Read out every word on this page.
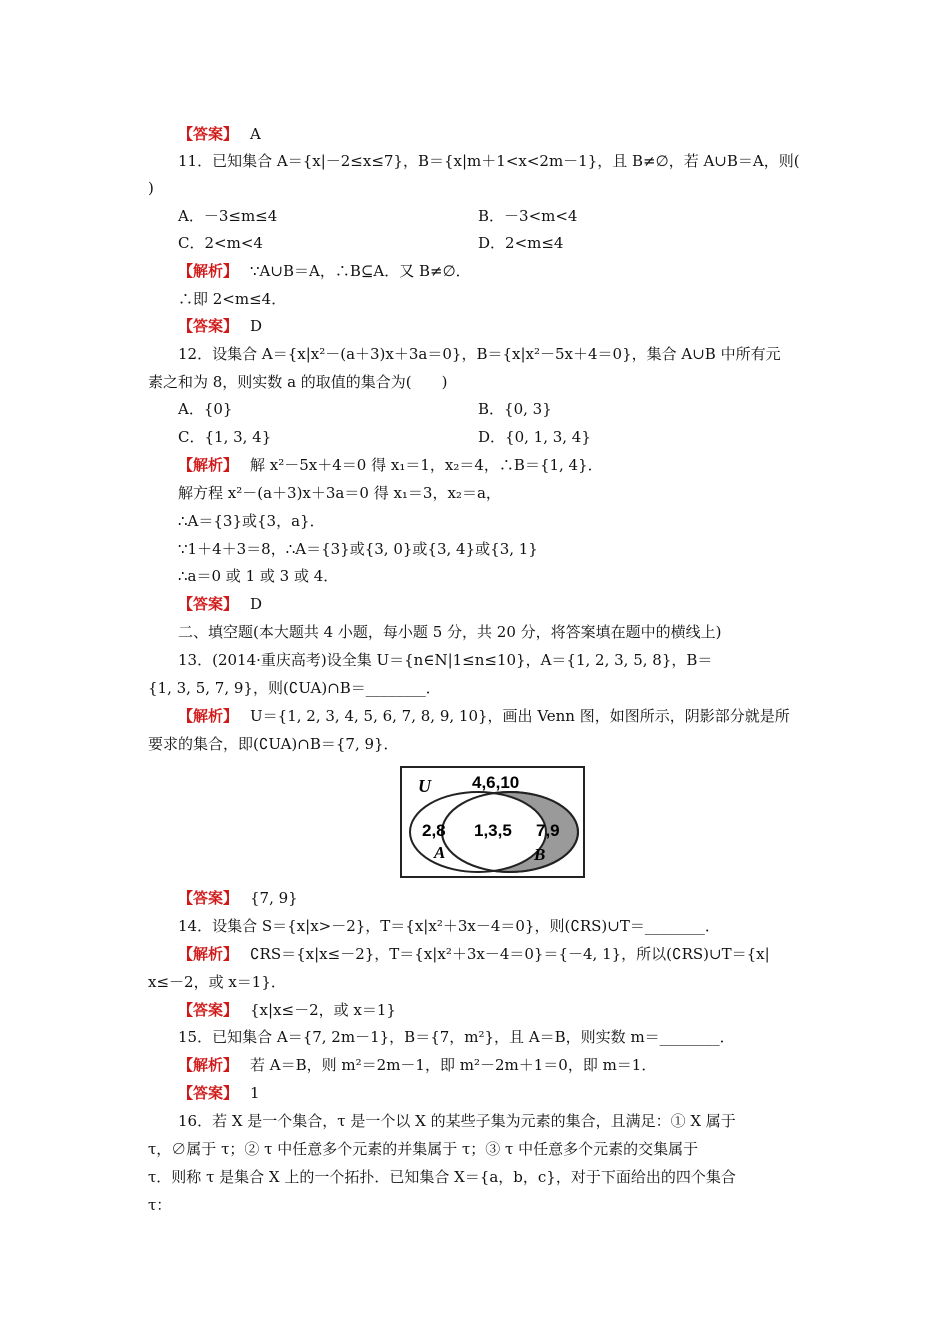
【答案】 A
11．已知集合 A＝{x|－2≤x≤7}，B＝{x|m＋1<x<2m－1}，且 B≠∅，若 A∪B＝A，则(
)
A．－3≤m≤4	B．－3<m<4
C．2<m<4	D．2<m≤4
【解析】 ∵A∪B＝A，∴B⊆A．又 B≠∅．
∴即 2<m≤4．
【答案】 D
12．设集合 A＝{x|x²－(a＋3)x＋3a＝0}，B＝{x|x²－5x＋4＝0}，集合 A∪B 中所有元
素之和为 8，则实数 a 的取值的集合为(　　)
A．{0}	B．{0, 3}
C．{1, 3, 4}	D．{0, 1, 3, 4}
【解析】 解 x²－5x＋4＝0 得 x₁＝1，x₂＝4，∴B＝{1, 4}．
解方程 x²－(a＋3)x＋3a＝0 得 x₁＝3，x₂＝a，
∴A＝{3}或{3，a}．
∵1＋4＋3＝8，∴A＝{3}或{3, 0}或{3, 4}或{3, 1}
∴a＝0 或 1 或 3 或 4．
【答案】 D
二、填空题(本大题共 4 小题，每小题 5 分，共 20 分，将答案填在题中的横线上)
13．(2014·重庆高考)设全集 U＝{n∈N|1≤n≤10}，A＝{1, 2, 3, 5, 8}，B＝
{1, 3, 5, 7, 9}，则(∁UA)∩B＝________．
【解析】 U＝{1, 2, 3, 4, 5, 6, 7, 8, 9, 10}，画出 Venn 图，如图所示，阴影部分就是所
要求的集合，即(∁UA)∩B＝{7, 9}．
U 4,6,10
2,8
A
1,3,5 7,9
B
【答案】 {7, 9}
14．设集合 S＝{x|x>－2}，T＝{x|x²＋3x－4＝0}，则(∁RS)∪T＝________．
【解析】 ∁RS＝{x|x≤－2}，T＝{x|x²＋3x－4＝0}＝{－4, 1}，所以(∁RS)∪T＝{x|
x≤－2，或 x＝1}．
【答案】 {x|x≤－2，或 x＝1}
15．已知集合 A＝{7, 2m－1}，B＝{7，m²}，且 A＝B，则实数 m＝________．
【解析】 若 A＝B，则 m²＝2m－1，即 m²－2m＋1＝0，即 m＝1．
【答案】 1
16．若 X 是一个集合，τ 是一个以 X 的某些子集为元素的集合，且满足：① X 属于
τ，∅属于 τ；② τ 中任意多个元素的并集属于 τ；③ τ 中任意多个元素的交集属于
τ．则称 τ 是集合 X 上的一个拓扑．已知集合 X＝{a，b，c}，对于下面给出的四个集合
τ：
